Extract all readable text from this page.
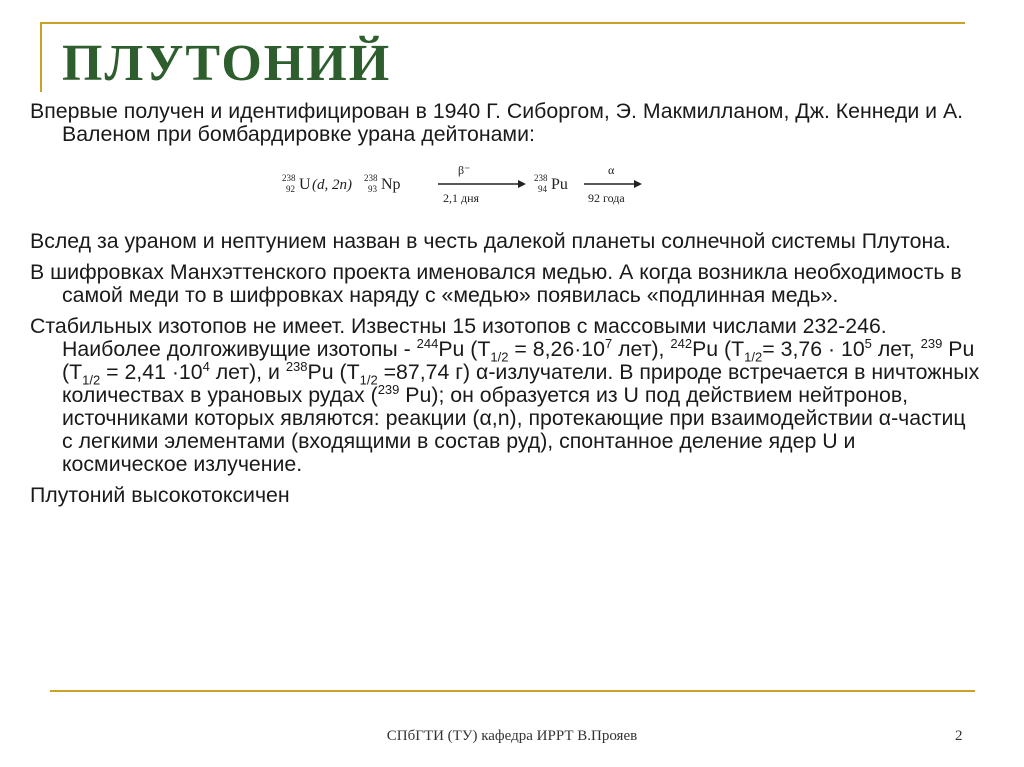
ПЛУТОНИЙ

Впервые получен и идентифицирован в 1940 Г. Сиборгом, Э. Макмилланом, Дж. Кеннеди и А. Валеном при бомбардировке урана дейтонами:

238
92 U (d, 2n) 238
93 Np
β⁻
2,1 дня
238
94 Pu
α
92 года

Вслед за ураном и нептунием назван в честь далекой планеты солнечной системы Плутона.

В шифровках Манхэттенского проекта именовался медью. А когда возникла необходимость в самой меди то в шифровках наряду с «медью» появилась «подлинная медь».

Стабильных изотопов не имеет. Известны 15 изотопов с массовыми числами 232-246. Наиболее долгоживущие изотопы - $^{244}$Pu ($T_{1/2} = 8,26\cdot 10^7$ лет), $^{242}$Pu ($T_{1/2}= 3,76 \cdot 10^5$ лет, $^{239}$ Pu ($T_{1/2} = 2,41 \cdot 10^4$ лет), и $^{238}$Pu ($T_{1/2} =87,74$ г) α-излучатели. В природе встречается в ничтожных количествах в урановых рудах ($^{239}$ Pu); он образуется из U под действием нейтронов, источниками которых являются: реакции (α,n), протекающие при взаимодействии α-частиц с легкими элементами (входящими в состав руд), спонтанное деление ядер U и космическое излучение.

Плутоний высокотоксичен

СПбГТИ (ТУ) кафедра ИРРТ В.Прояев	2
